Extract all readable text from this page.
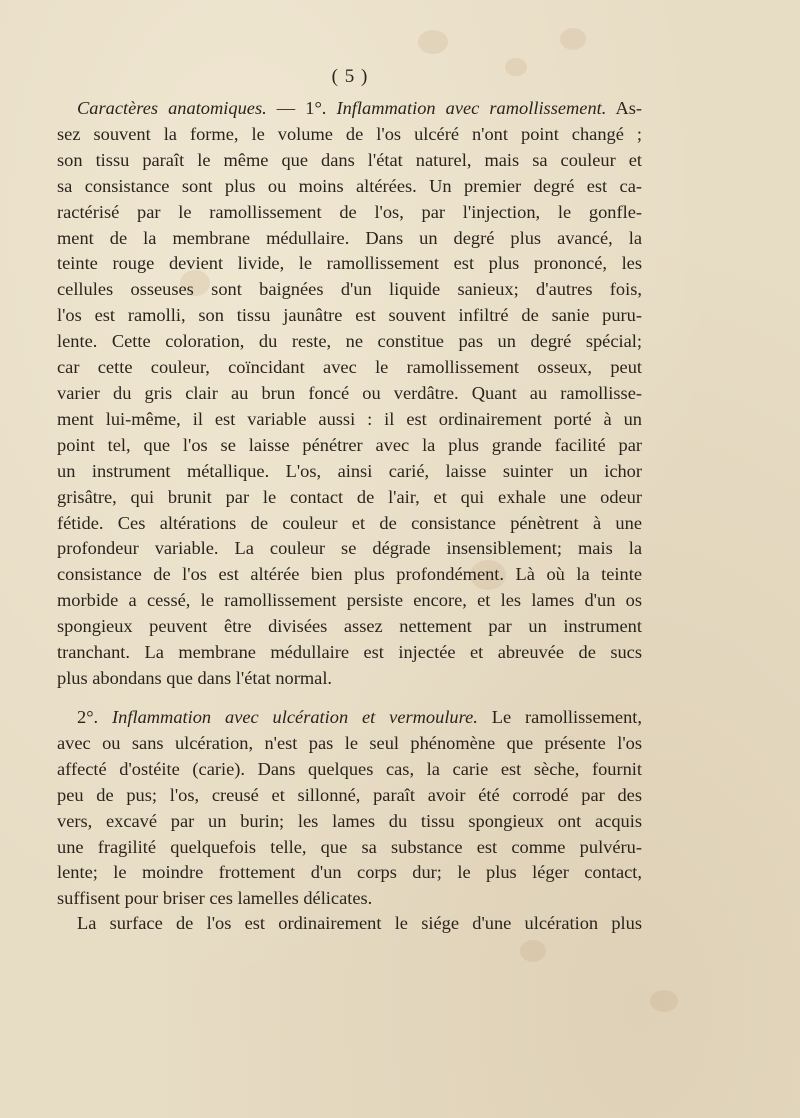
( 5 )
Caractères anatomiques. — 1°. Inflammation avec ramollissement. As-
sez souvent la forme, le volume de l'os ulcéré n'ont point changé ;
son tissu paraît le même que dans l'état naturel, mais sa couleur et
sa consistance sont plus ou moins altérées. Un premier degré est ca-
ractérisé par le ramollissement de l'os, par l'injection, le gonfle-
ment de la membrane médullaire. Dans un degré plus avancé, la
teinte rouge devient livide, le ramollissement est plus prononcé, les
cellules osseuses sont baignées d'un liquide sanieux; d'autres fois,
l'os est ramolli, son tissu jaunâtre est souvent infiltré de sanie puru-
lente. Cette coloration, du reste, ne constitue pas un degré spécial;
car cette couleur, coïncidant avec le ramollissement osseux, peut
varier du gris clair au brun foncé ou verdâtre. Quant au ramollisse-
ment lui-même, il est variable aussi : il est ordinairement porté à un
point tel, que l'os se laisse pénétrer avec la plus grande facilité par
un instrument métallique. L'os, ainsi carié, laisse suinter un ichor
grisâtre, qui brunit par le contact de l'air, et qui exhale une odeur
fétide. Ces altérations de couleur et de consistance pénètrent à une
profondeur variable. La couleur se dégrade insensiblement; mais la
consistance de l'os est altérée bien plus profondément. Là où la teinte
morbide a cessé, le ramollissement persiste encore, et les lames d'un os
spongieux peuvent être divisées assez nettement par un instrument
tranchant. La membrane médullaire est injectée et abreuvée de sucs
plus abondans que dans l'état normal.
2°. Inflammation avec ulcération et vermoulure. Le ramollissement,
avec ou sans ulcération, n'est pas le seul phénomène que présente l'os
affecté d'ostéite (carie). Dans quelques cas, la carie est sèche, fournit
peu de pus; l'os, creusé et sillonné, paraît avoir été corrodé par des
vers, excavé par un burin; les lames du tissu spongieux ont acquis
une fragilité quelquefois telle, que sa substance est comme pulvéru-
lente; le moindre frottement d'un corps dur; le plus léger contact,
suffisent pour briser ces lamelles délicates.
La surface de l'os est ordinairement le siége d'une ulcération plus
